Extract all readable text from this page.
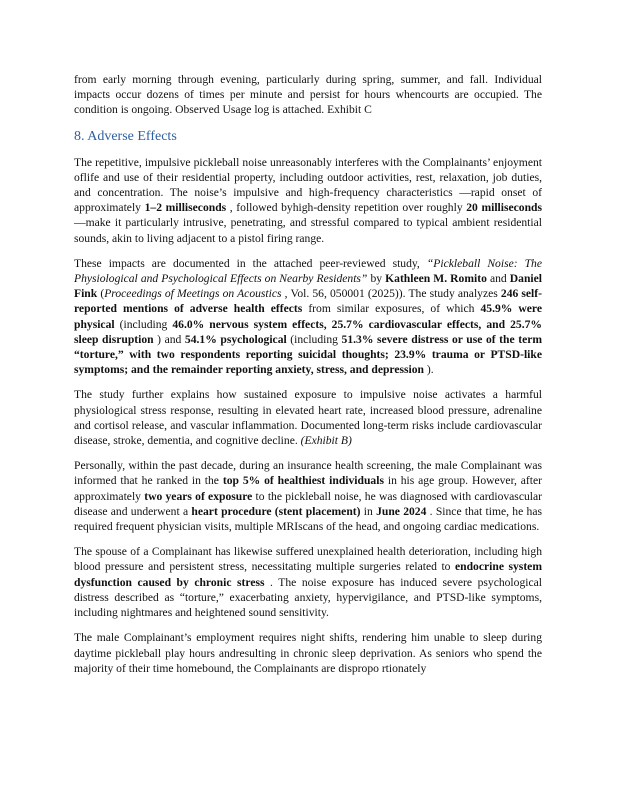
from early morning through evening, particularly during spring, summer, and fall. Individual impacts occur dozens of times per minute and persist for hours whencourts are occupied. The condition is ongoing. Observed Usage log is attached. Exhibit C

8. Adverse Effects

The repetitive, impulsive pickleball noise unreasonably interferes with the Complainants’ enjoyment oflife and use of their residential property, including outdoor activities, rest, relaxation, job duties, and concentration. The noise’s impulsive and high-frequency characteristics —rapid onset of approximately 1–2 milliseconds , followed byhigh-density repetition over roughly 20 milliseconds —make it particularly intrusive, penetrating, and stressful compared to typical ambient residential sounds, akin to living adjacent to a pistol firing range.

These impacts are documented in the attached peer-reviewed study, “Pickleball Noise: The Physiological and Psychological Effects on Nearby Residents” by Kathleen M. Romito and Daniel Fink (Proceedings of Meetings on Acoustics , Vol. 56, 050001 (2025)). The study analyzes 246 self-reported mentions of adverse health effects from similar exposures, of which 45.9% were physical (including 46.0% nervous system effects, 25.7% cardiovascular effects, and 25.7% sleep disruption ) and 54.1% psychological (including 51.3% severe distress or use of the term “torture,” with two respondents reporting suicidal thoughts; 23.9% trauma or PTSD-like symptoms; and the remainder reporting anxiety, stress, and depression ).

The study further explains how sustained exposure to impulsive noise activates a harmful physiological stress response, resulting in elevated heart rate, increased blood pressure, adrenaline and cortisol release, and vascular inflammation. Documented long-term risks include cardiovascular disease, stroke, dementia, and cognitive decline. (Exhibit B)

Personally, within the past decade, during an insurance health screening, the male Complainant was informed that he ranked in the top 5% of healthiest individuals in his age group. However, after approximately two years of exposure to the pickleball noise, he was diagnosed with cardiovascular disease and underwent a heart procedure (stent placement) in June 2024 . Since that time, he has required frequent physician visits, multiple MRIscans of the head, and ongoing cardiac medications.

The spouse of a Complainant has likewise suffered unexplained health deterioration, including high blood pressure and persistent stress, necessitating multiple surgeries related to endocrine system dysfunction caused by chronic stress . The noise exposure has induced severe psychological distress described as “torture,” exacerbating anxiety, hypervigilance, and PTSD-like symptoms, including nightmares and heightened sound sensitivity.

The male Complainant’s employment requires night shifts, rendering him unable to sleep during daytime pickleball play hours andresulting in chronic sleep deprivation. As seniors who spend the majority of their time homebound, the Complainants are dispropo rtionately
